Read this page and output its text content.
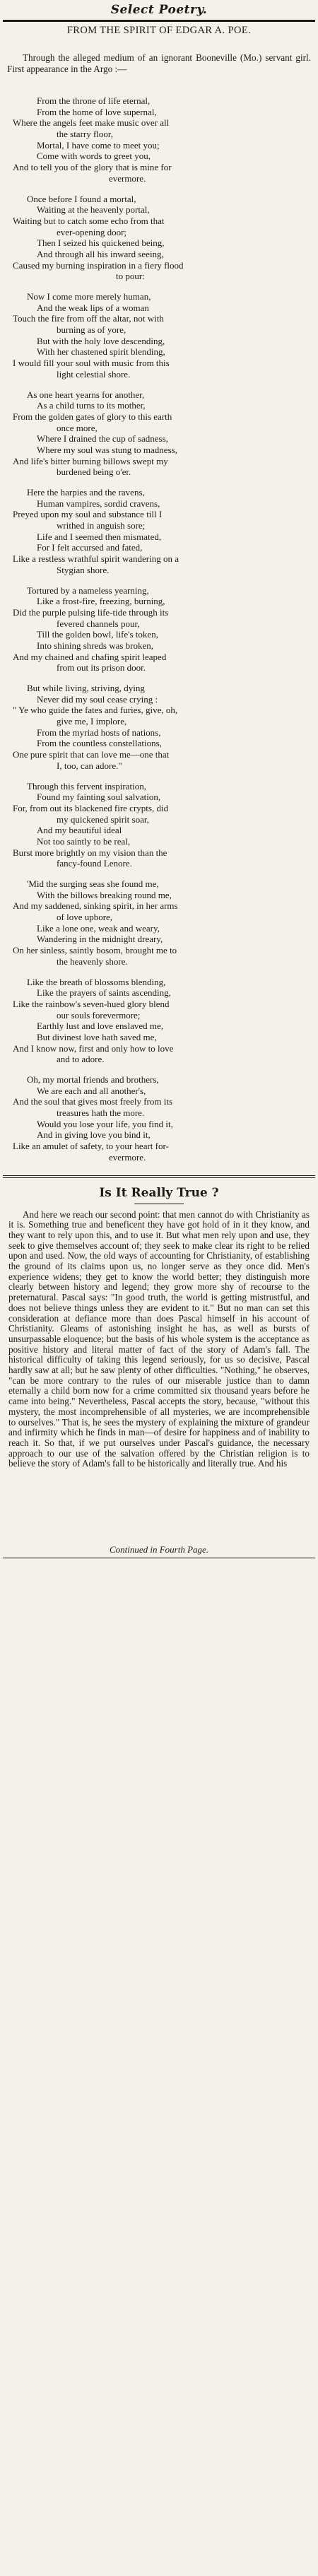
Select Poetry.
FROM THE SPIRIT OF EDGAR A. POE.
Through the alleged medium of an ignorant Booneville (Mo.) servant girl. First appearance in the Argo :—
From the throne of life eternal,
From the home of love supernal,
Where the angels feet make music over all
the starry floor,
Mortal, I have come to meet you;
Come with words to greet you,
And to tell you of the glory that is mine for
evermore.
Once before I found a mortal,
Waiting at the heavenly portal,
Waiting but to catch some echo from that
ever-opening door;
Then I seized his quickened being,
And through all his inward seeing,
Caused my burning inspiration in a fiery flood
to pour:
Now I come more merely human,
And the weak lips of a woman
Touch the fire from off the altar, not with
burning as of yore,
But with the holy love descending,
With her chastened spirit blending,
I would fill your soul with music from this
light celestial shore.
As one heart yearns for another,
As a child turns to its mother,
From the golden gates of glory to this earth
once more,
Where I drained the cup of sadness,
Where my soul was stung to madness,
And life's bitter burning billows swept my
burdened being o'er.
Here the harpies and the ravens,
Human vampires, sordid cravens,
Preyed upon my soul and substance till I
writhed in anguish sore;
Life and I seemed then mismated,
For I felt accursed and fated,
Like a restless wrathful spirit wandering on a
Stygian shore.
Tortured by a nameless yearning,
Like a frost-fire, freezing, burning,
Did the purple pulsing life-tide through its
fevered channels pour,
Till the golden bowl, life's token,
Into shining shreds was broken,
And my chained and chafing spirit leaped
from out its prison door.
But while living, striving, dying
Never did my soul cease crying :
" Ye who guide the fates and furies, give, oh,
give me, I implore,
From the myriad hosts of nations,
From the countless constellations,
One pure spirit that can love me—one that
I, too, can adore."
Through this fervent inspiration,
Found my fainting soul salvation,
For, from out its blackened fire crypts, did
my quickened spirit soar,
And my beautiful ideal
Not too saintly to be real,
Burst more brightly on my vision than the
fancy-found Lenore.
'Mid the surging seas she found me,
With the billows breaking round me,
And my saddened, sinking spirit, in her arms
of love upbore,
Like a lone one, weak and weary,
Wandering in the midnight dreary,
On her sinless, saintly bosom, brought me to
the heavenly shore.
Like the breath of blossoms blending,
Like the prayers of saints ascending,
Like the rainbow's seven-hued glory blend
our souls forevermore;
Earthly lust and love enslaved me,
But divinest love hath saved me,
And I know now, first and only how to love
and to adore.
Oh, my mortal friends and brothers,
We are each and all another's,
And the soul that gives most freely from its
treasures hath the more.
Would you lose your life, you find it,
And in giving love you bind it,
Like an amulet of safety, to your heart for-
evermore.
Is It Really True ?
And here we reach our second point: that men cannot do with Christianity as it is. Something true and beneficent they have got hold of in it they know, and they want to rely upon this, and to use it. But what men rely upon and use, they seek to give themselves account of; they seek to make clear its right to be relied upon and used. Now, the old ways of accounting for Christianity, of establishing the ground of its claims upon us, no longer serve as they once did. Men's experience widens; they get to know the world better; they distinguish more clearly between history and legend; they grow more shy of recourse to the preternatural. Pascal says: "In good truth, the world is getting mistrustful, and does not believe things unless they are evident to it." But no man can set this consideration at defiance more than does Pascal himself in his account of Christianity. Gleams of astonishing insight he has, as well as bursts of unsurpassable eloquence; but the basis of his whole system is the acceptance as positive history and literal matter of fact of the story of Adam's fall. The historical difficulty of taking this legend seriously, for us so decisive, Pascal hardly saw at all; but he saw plenty of other difficulties. "Nothing," he observes, "can be more contrary to the rules of our miserable justice than to damn eternally a child born now for a crime committed six thousand years before he came into being." Nevertheless, Pascal accepts the story, because, "without this mystery, the most incomprehensible of all mysteries, we are incomprehensible to ourselves." That is, he sees the mystery of explaining the mixture of grandeur and infirmity which he finds in man—of desire for happiness and of inability to reach it. So that, if we put ourselves under Pascal's guidance, the necessary approach to our use of the salvation offered by the Christian religion is to believe the story of Adam's fall to be historically and literally true. And his
Continued in Fourth Page.
